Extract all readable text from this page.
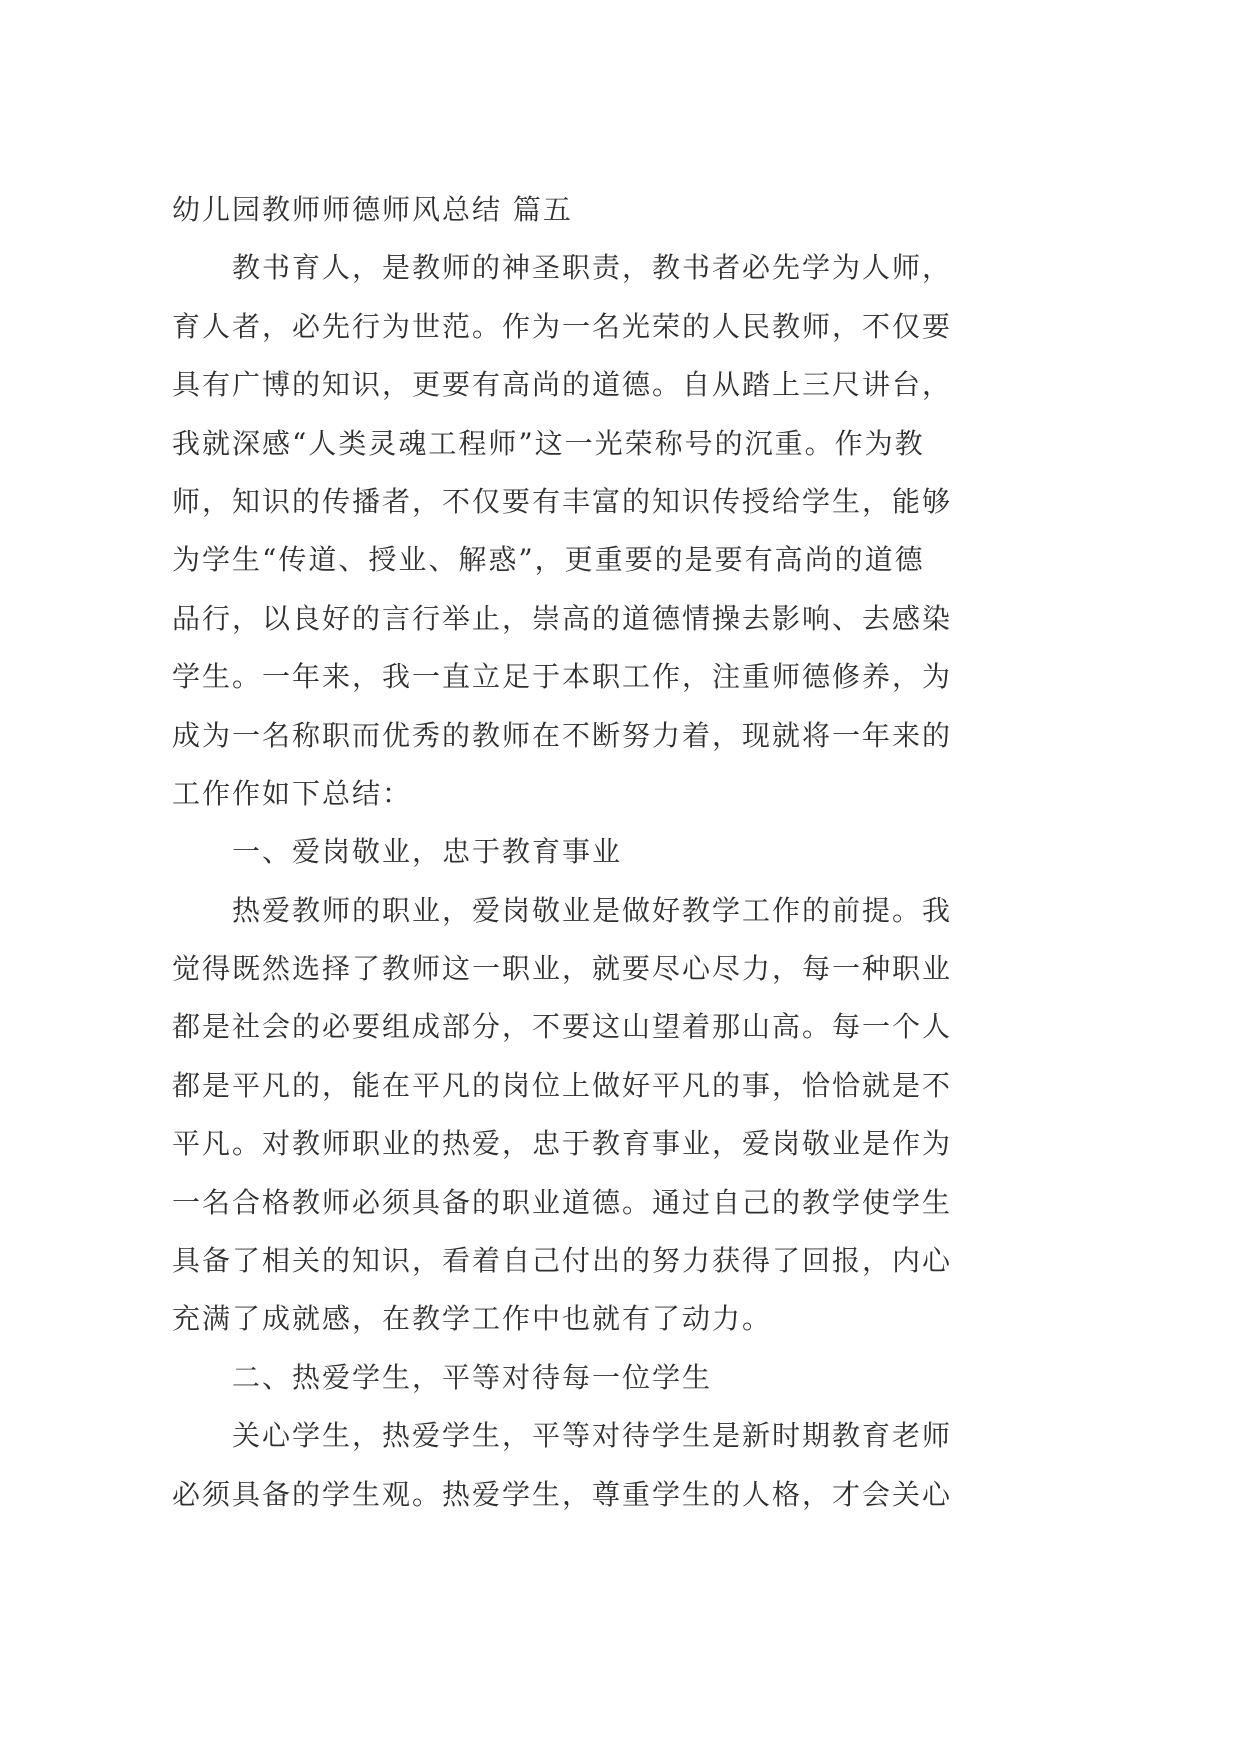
幼儿园教师师德师风总结 篇五
教书育人，是教师的神圣职责，教书者必先学为人师，
育人者，必先行为世范。作为一名光荣的人民教师，不仅要
具有广博的知识，更要有高尚的道德。自从踏上三尺讲台，
我就深感“人类灵魂工程师”这一光荣称号的沉重。作为教
师，知识的传播者，不仅要有丰富的知识传授给学生，能够
为学生“传道、授业、解惑”，更重要的是要有高尚的道德
品行，以良好的言行举止，崇高的道德情操去影响、去感染
学生。一年来，我一直立足于本职工作，注重师德修养，为
成为一名称职而优秀的教师在不断努力着，现就将一年来的
工作作如下总结：
一、爱岗敬业，忠于教育事业
热爱教师的职业，爱岗敬业是做好教学工作的前提。我
觉得既然选择了教师这一职业，就要尽心尽力，每一种职业
都是社会的必要组成部分，不要这山望着那山高。每一个人
都是平凡的，能在平凡的岗位上做好平凡的事，恰恰就是不
平凡。对教师职业的热爱，忠于教育事业，爱岗敬业是作为
一名合格教师必须具备的职业道德。通过自己的教学使学生
具备了相关的知识，看着自己付出的努力获得了回报，内心
充满了成就感，在教学工作中也就有了动力。
二、热爱学生，平等对待每一位学生
关心学生，热爱学生，平等对待学生是新时期教育老师
必须具备的学生观。热爱学生，尊重学生的人格，才会关心
